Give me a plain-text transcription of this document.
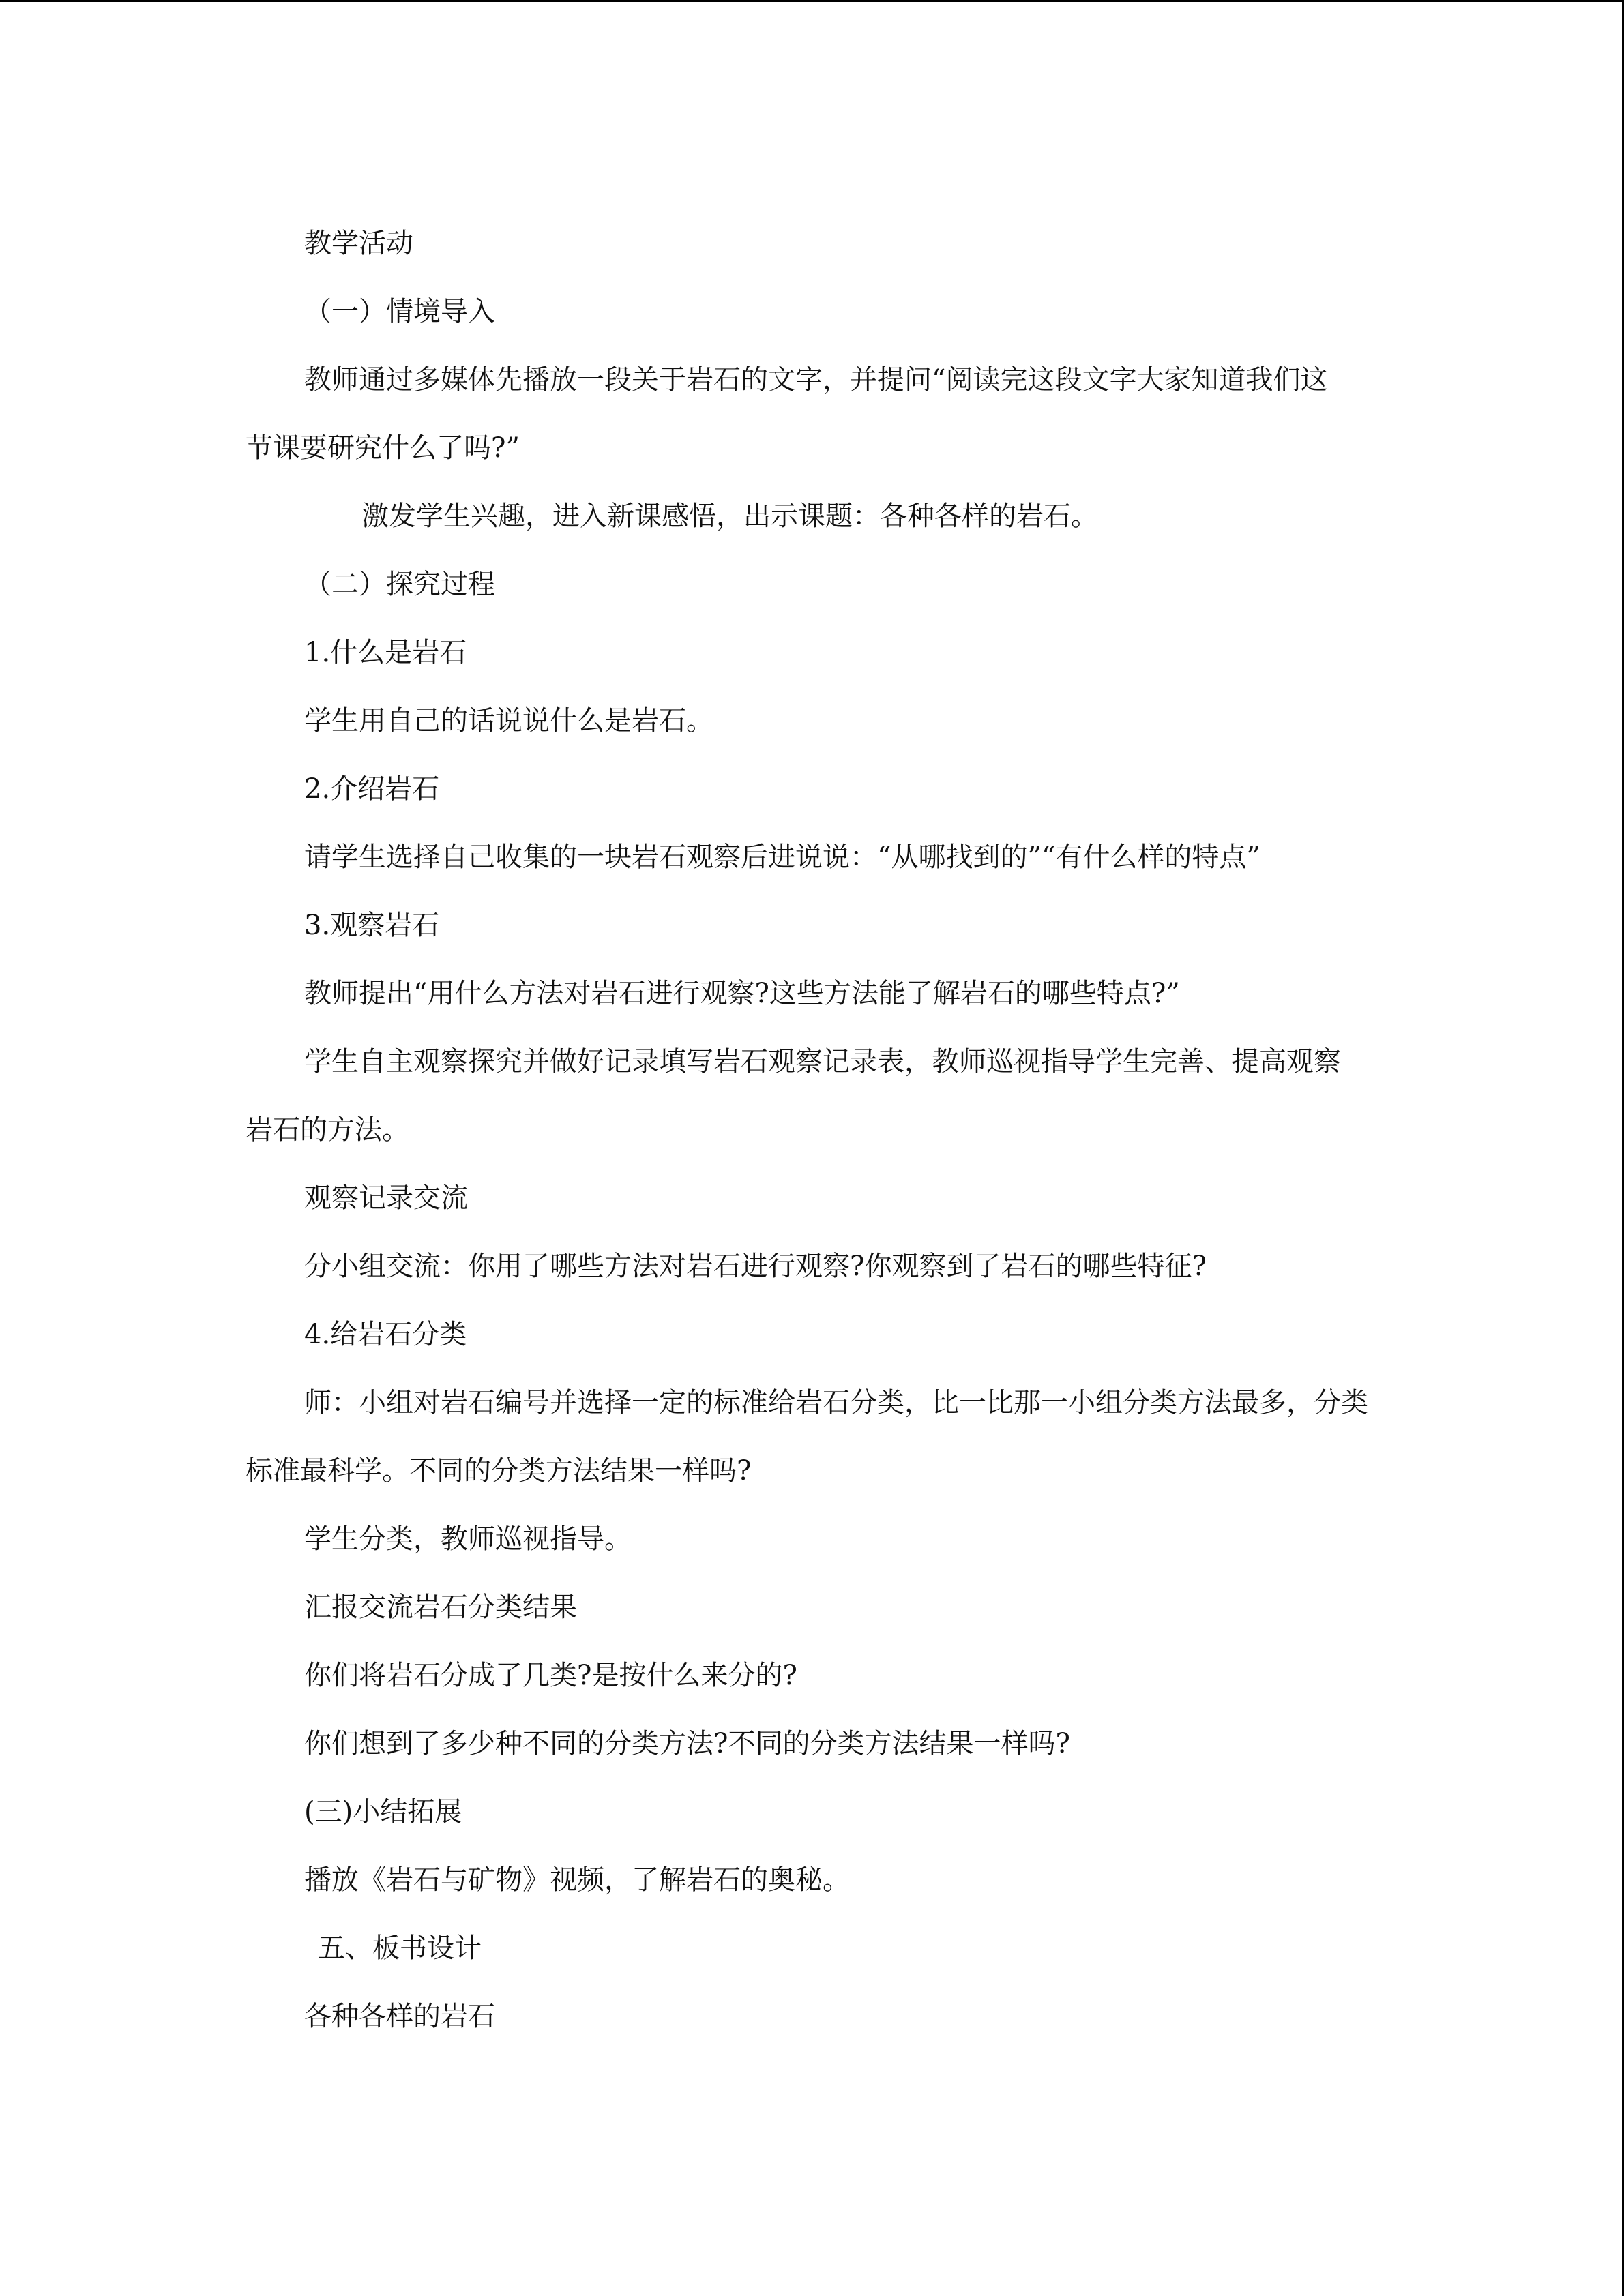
教学活动
（一）情境导入
教师通过多媒体先播放一段关于岩石的文字，并提问“阅读完这段文字大家知道我们这
节课要研究什么了吗?”
激发学生兴趣，进入新课感悟，出示课题：各种各样的岩石。
（二）探究过程
1.什么是岩石
学生用自己的话说说什么是岩石。
2.介绍岩石
请学生选择自己收集的一块岩石观察后进说说：“从哪找到的”“有什么样的特点”
3.观察岩石
教师提出“用什么方法对岩石进行观察?这些方法能了解岩石的哪些特点?”
学生自主观察探究并做好记录填写岩石观察记录表，教师巡视指导学生完善、提高观察
岩石的方法。
观察记录交流
分小组交流：你用了哪些方法对岩石进行观察?你观察到了岩石的哪些特征?
4.给岩石分类
师：小组对岩石编号并选择一定的标准给岩石分类，比一比那一小组分类方法最多，分类
标准最科学。不同的分类方法结果一样吗?
学生分类，教师巡视指导。
汇报交流岩石分类结果
你们将岩石分成了几类?是按什么来分的?
你们想到了多少种不同的分类方法?不同的分类方法结果一样吗?
(三)小结拓展
播放《岩石与矿物》视频，了解岩石的奥秘。
五、板书设计
各种各样的岩石
